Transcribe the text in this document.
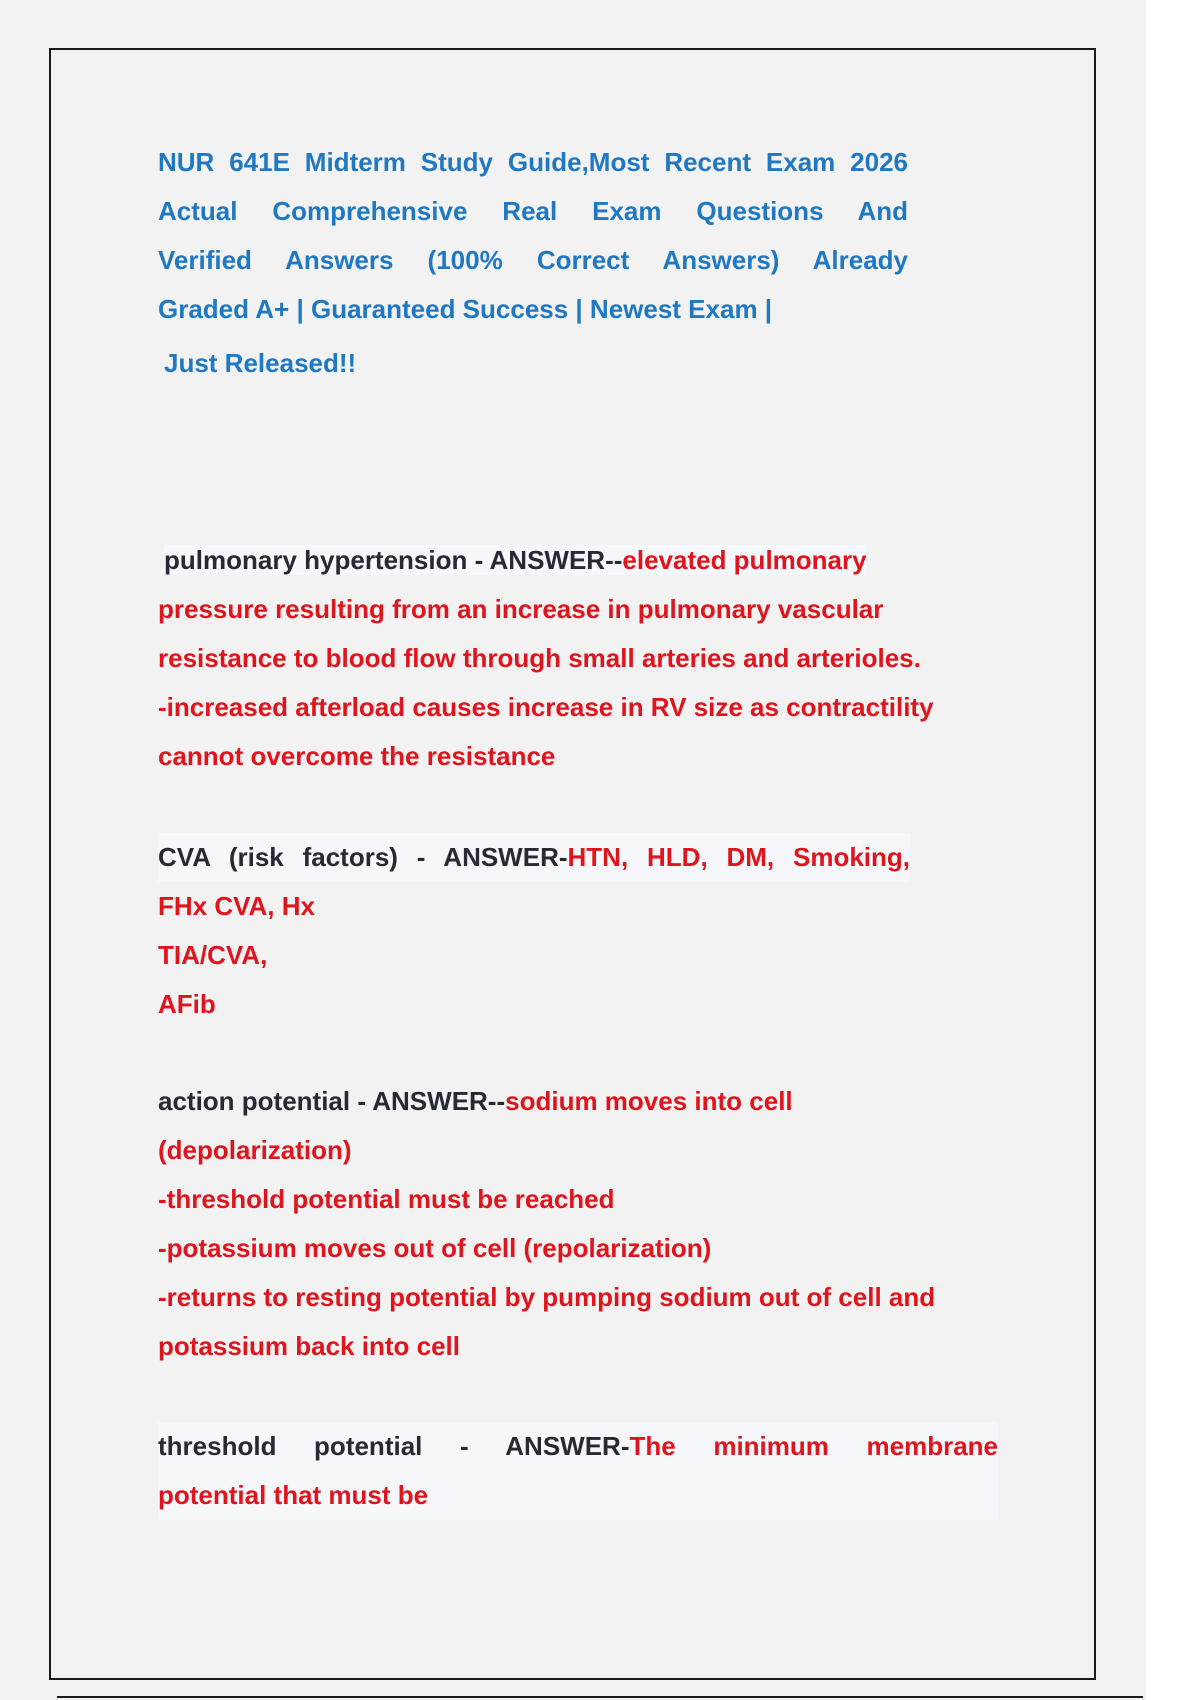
NUR 641E Midterm Study Guide,Most Recent Exam 2026
Actual Comprehensive Real Exam Questions And
Verified Answers (100% Correct Answers) Already
Graded A+ | Guaranteed Success | Newest Exam |
Just Released!!
pulmonary hypertension - ANSWER--elevated pulmonary
pressure resulting from an increase in pulmonary vascular
resistance to blood flow through small arteries and arterioles.
-increased afterload causes increase in RV size as contractility
cannot overcome the resistance
CVA (risk factors) - ANSWER-HTN, HLD, DM, Smoking,
FHx CVA, Hx
TIA/CVA,
AFib
action potential - ANSWER--sodium moves into cell
(depolarization)
-threshold potential must be reached
-potassium moves out of cell (repolarization)
-returns to resting potential by pumping sodium out of cell and
potassium back into cell
threshold potential - ANSWER-The minimum membrane
potential that must be
